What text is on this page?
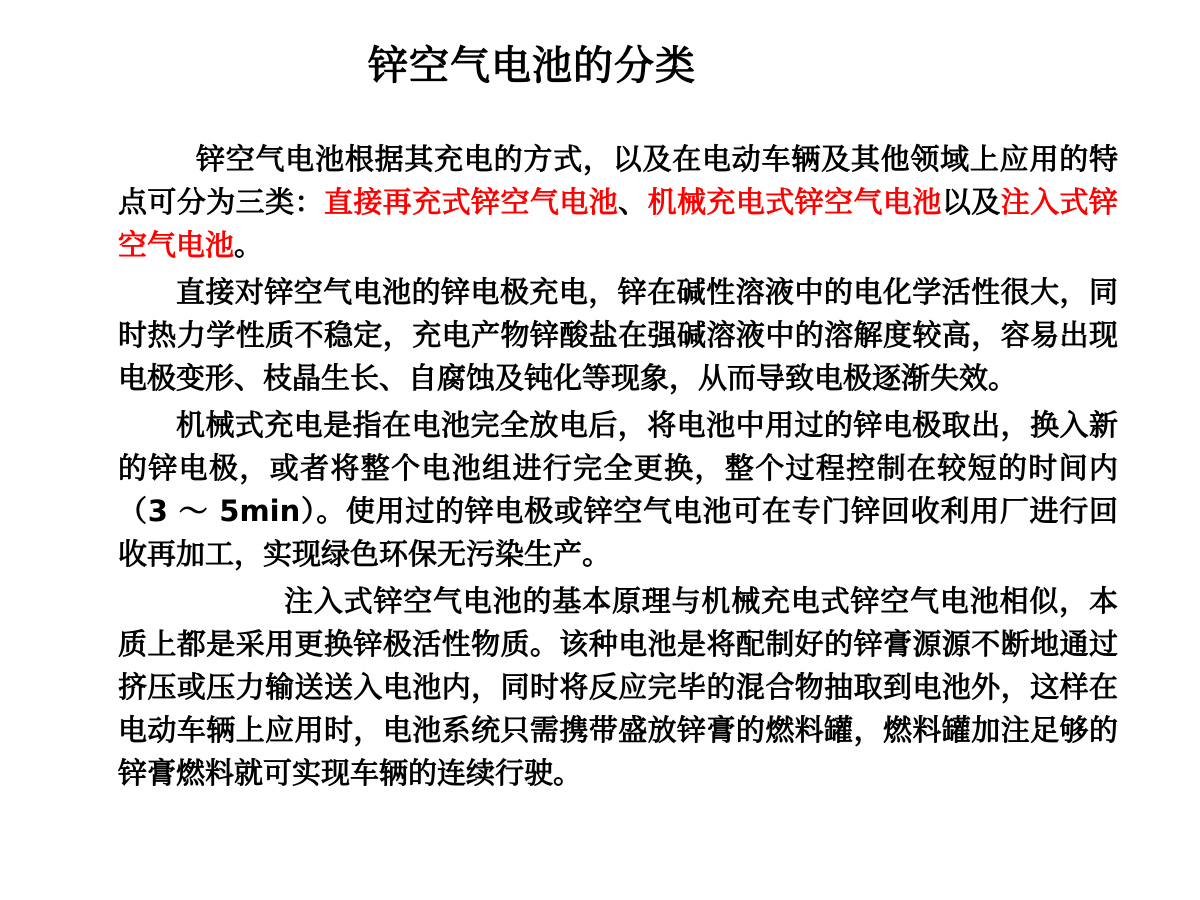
锌空气电池的分类

锌空气电池根据其充电的方式，以及在电动车辆及其他领域上应用的特点可分为三类：直接再充式锌空气电池、机械充电式锌空气电池以及注入式锌空气电池。

直接对锌空气电池的锌电极充电，锌在碱性溶液中的电化学活性很大，同时热力学性质不稳定，充电产物锌酸盐在强碱溶液中的溶解度较高，容易出现电极变形、枝晶生长、自腐蚀及钝化等现象，从而导致电极逐渐失效。

机械式充电是指在电池完全放电后，将电池中用过的锌电极取出，换入新的锌电极，或者将整个电池组进行完全更换，整个过程控制在较短的时间内（3 ～ 5min）。使用过的锌电极或锌空气电池可在专门锌回收利用厂进行回收再加工，实现绿色环保无污染生产。

注入式锌空气电池的基本原理与机械充电式锌空气电池相似，本质上都是采用更换锌极活性物质。该种电池是将配制好的锌膏源源不断地通过挤压或压力输送送入电池内，同时将反应完毕的混合物抽取到电池外，这样在电动车辆上应用时，电池系统只需携带盛放锌膏的燃料罐，燃料罐加注足够的锌膏燃料就可实现车辆的连续行驶。
